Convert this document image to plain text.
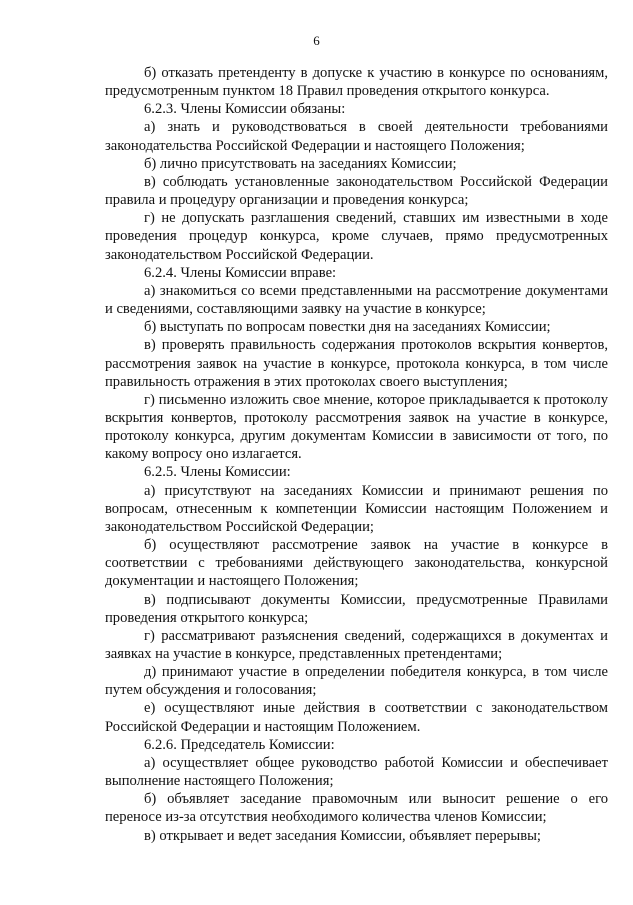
6

б) отказать претенденту в допуске к участию в конкурсе по основаниям, предусмотренным пунктом 18 Правил проведения открытого конкурса.

6.2.3. Члены Комиссии обязаны:

а) знать и руководствоваться в своей деятельности требованиями законодательства Российской Федерации и настоящего Положения;

б) лично присутствовать на заседаниях Комиссии;

в) соблюдать установленные законодательством Российской Федерации правила и процедуру организации и проведения конкурса;

г) не допускать разглашения сведений, ставших им известными в ходе проведения процедур конкурса, кроме случаев, прямо предусмотренных законодательством Российской Федерации.

6.2.4. Члены Комиссии вправе:

а) знакомиться со всеми представленными на рассмотрение документами и сведениями, составляющими заявку на участие в конкурсе;

б) выступать по вопросам повестки дня на заседаниях Комиссии;

в) проверять правильность содержания протоколов вскрытия конвертов, рассмотрения заявок на участие в конкурсе, протокола конкурса, в том числе правильность отражения в этих протоколах своего выступления;

г) письменно изложить свое мнение, которое прикладывается к протоколу вскрытия конвертов, протоколу рассмотрения заявок на участие в конкурсе, протоколу конкурса, другим документам Комиссии в зависимости от того, по какому вопросу оно излагается.

6.2.5. Члены Комиссии:

а) присутствуют на заседаниях Комиссии и принимают решения по вопросам, отнесенным к компетенции Комиссии настоящим Положением и законодательством Российской Федерации;

б) осуществляют рассмотрение заявок на участие в конкурсе в соответствии с требованиями действующего законодательства, конкурсной документации и настоящего Положения;

в) подписывают документы Комиссии, предусмотренные Правилами проведения открытого конкурса;

г) рассматривают разъяснения сведений, содержащихся в документах и заявках на участие в конкурсе, представленных претендентами;

д) принимают участие в определении победителя конкурса, в том числе путем обсуждения и голосования;

е) осуществляют иные действия в соответствии с законодательством Российской Федерации и настоящим Положением.

6.2.6. Председатель Комиссии:

а) осуществляет общее руководство работой Комиссии и обеспечивает выполнение настоящего Положения;

б) объявляет заседание правомочным или выносит решение о его переносе из-за отсутствия необходимого количества членов Комиссии;

в) открывает и ведет заседания Комиссии, объявляет перерывы;
